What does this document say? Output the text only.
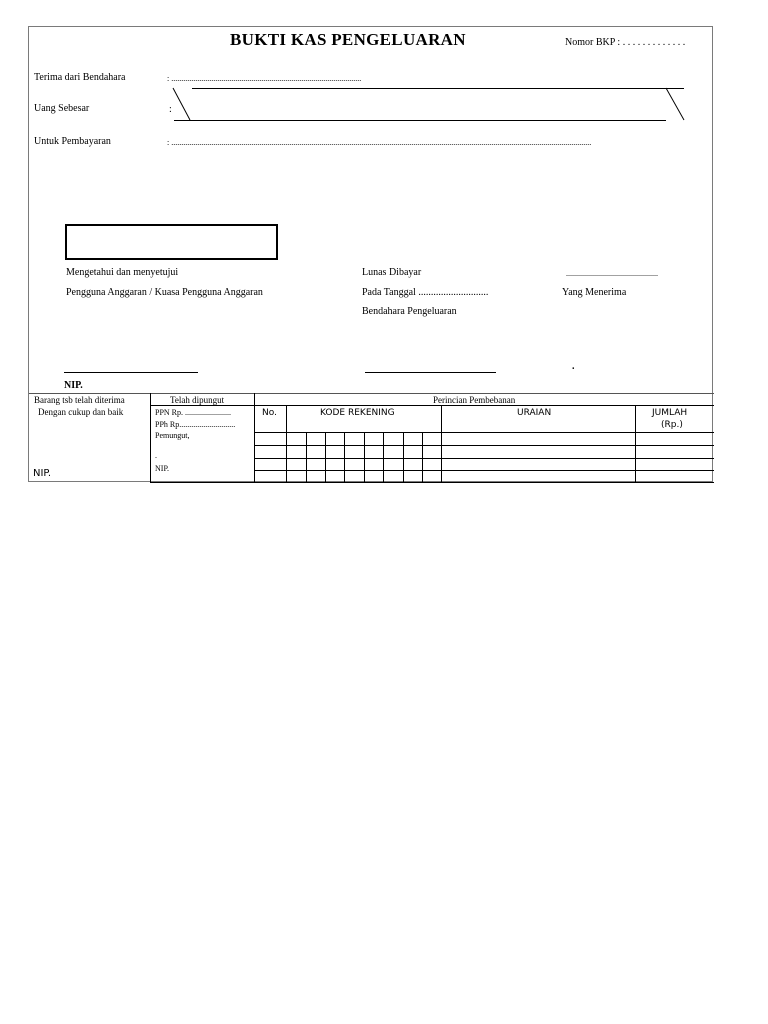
BUKTI KAS PENGELUARAN	Nomor BKP : . . . . . . . . . . . . .
Terima dari Bendahara	: ...............................................................................................
Uang Sebesar	:
Untuk Pembayaran	: ..................................................................................................................................................................................................................
Mengetahui dan menyetujui
Pengguna Anggaran / Kuasa Pengguna Anggaran
Lunas Dibayar	..............................................
Pada Tanggal ............................	Yang Menerima
Bendahara Pengeluaran
.
NIP.
Barang tsb telah diterima
Dengan cukup dan baik
NIP.
Telah dipungut
PPN Rp. .......................
PPh Rp............................
Pemungut,
.
NIP.
Perincian Pembebanan
No.	KODE REKENING	URAIAN	JUMLAH
(Rp.)
